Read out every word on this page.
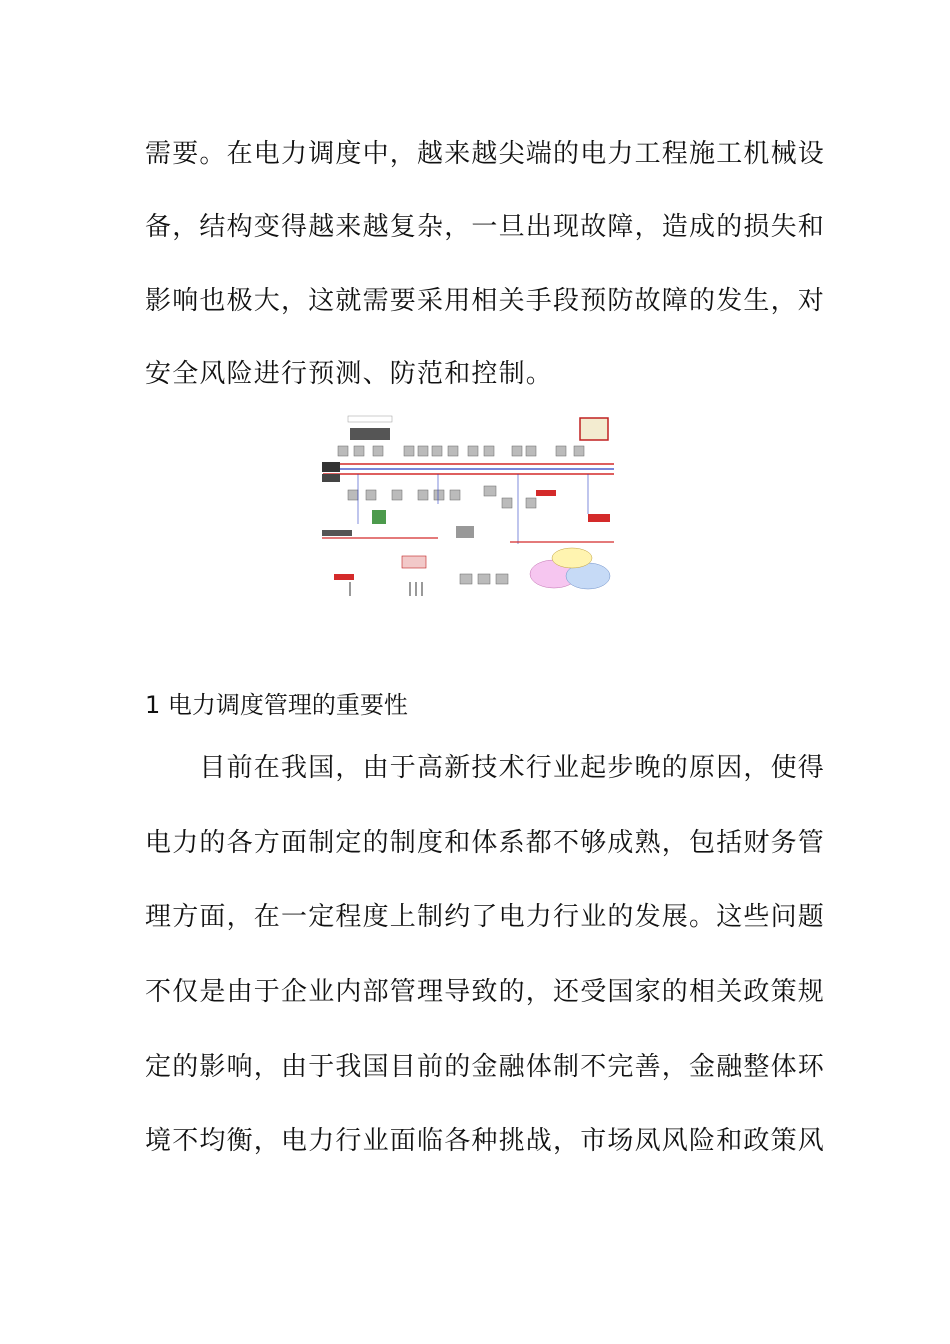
需要。在电力调度中，越来越尖端的电力工程施工机械设
备，结构变得越来越复杂，一旦出现故障，造成的损失和
影响也极大，这就需要采用相关手段预防故障的发生，对
安全风险进行预测、防范和控制。
1 电力调度管理的重要性
　　目前在我国，由于高新技术行业起步晚的原因，使得
电力的各方面制定的制度和体系都不够成熟，包括财务管
理方面，在一定程度上制约了电力行业的发展。这些问题
不仅是由于企业内部管理导致的，还受国家的相关政策规
定的影响，由于我国目前的金融体制不完善，金融整体环
境不均衡，电力行业面临各种挑战，市场凤风险和政策风
